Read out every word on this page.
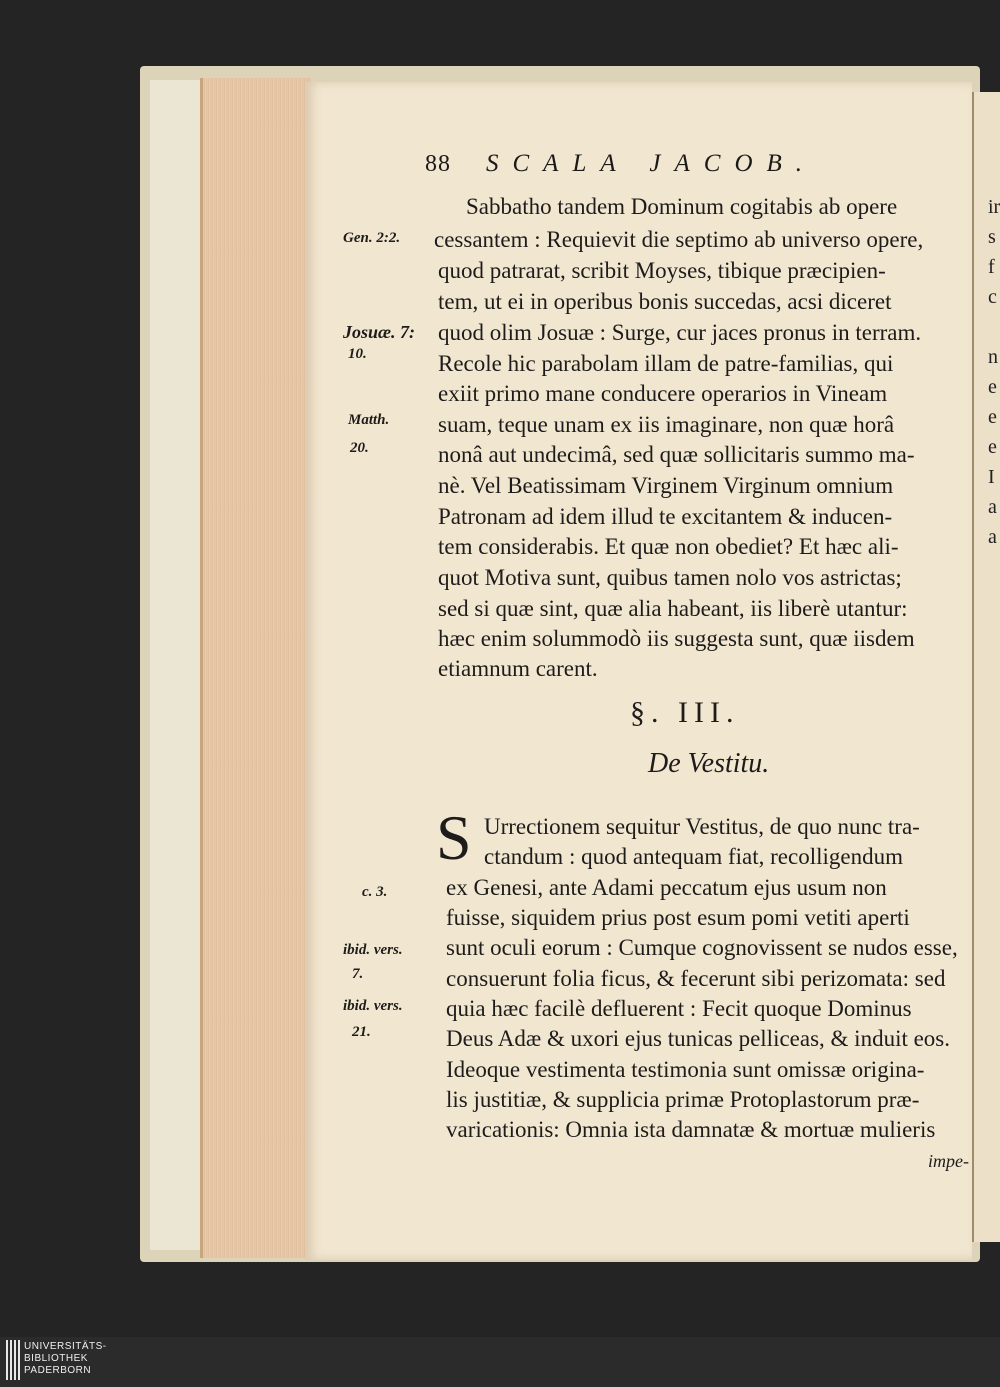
ir
s
f
c
n
e
e
e
I
a
a
88 SCALA JACOB.
Sabbatho tandem Dominum cogitabis ab opere
cessantem : Requievit die septimo ab universo opere,
quod patrarat, scribit Moyses, tibique præcipien-
tem, ut ei in operibus bonis succedas, acsi diceret
quod olim Josuæ : Surge, cur jaces pronus in terram.
Recole hic parabolam illam de patre-familias, qui
exiit primo mane conducere operarios in Vineam
suam, teque unam ex iis imaginare, non quæ horâ
nonâ aut undecimâ, sed quæ sollicitaris summo ma-
nè. Vel Beatissimam Virginem Virginum omnium
Patronam ad idem illud te excitantem & inducen-
tem considerabis. Et quæ non obediet? Et hæc ali-
quot Motiva sunt, quibus tamen nolo vos astrictas;
sed si quæ sint, quæ alia habeant, iis liberè utantur:
hæc enim solummodò iis suggesta sunt, quæ iisdem
etiamnum carent.
Gen. 2:2.
Josuæ. 7:
10.
Matth.
20.
§. III.
De Vestitu.
S Urrectionem sequitur Vestitus, de quo nunc tra-
ctandum : quod antequam fiat, recolligendum
ex Genesi, ante Adami peccatum ejus usum non
fuisse, siquidem prius post esum pomi vetiti aperti
sunt oculi eorum : Cumque cognovissent se nudos esse,
consuerunt folia ficus, & fecerunt sibi perizomata: sed
quia hæc facilè defluerent : Fecit quoque Dominus
Deus Adæ & uxori ejus tunicas pelliceas, & induit eos.
Ideoque vestimenta testimonia sunt omissæ origina-
lis justitiæ, & supplicia primæ Protoplastorum præ-
varicationis: Omnia ista damnatæ & mortuæ mulieris
impe-
c. 3.
ibid. vers.
7.
ibid. vers.
21.
UNIVERSITÄTS-
BIBLIOTHEK
PADERBORN
